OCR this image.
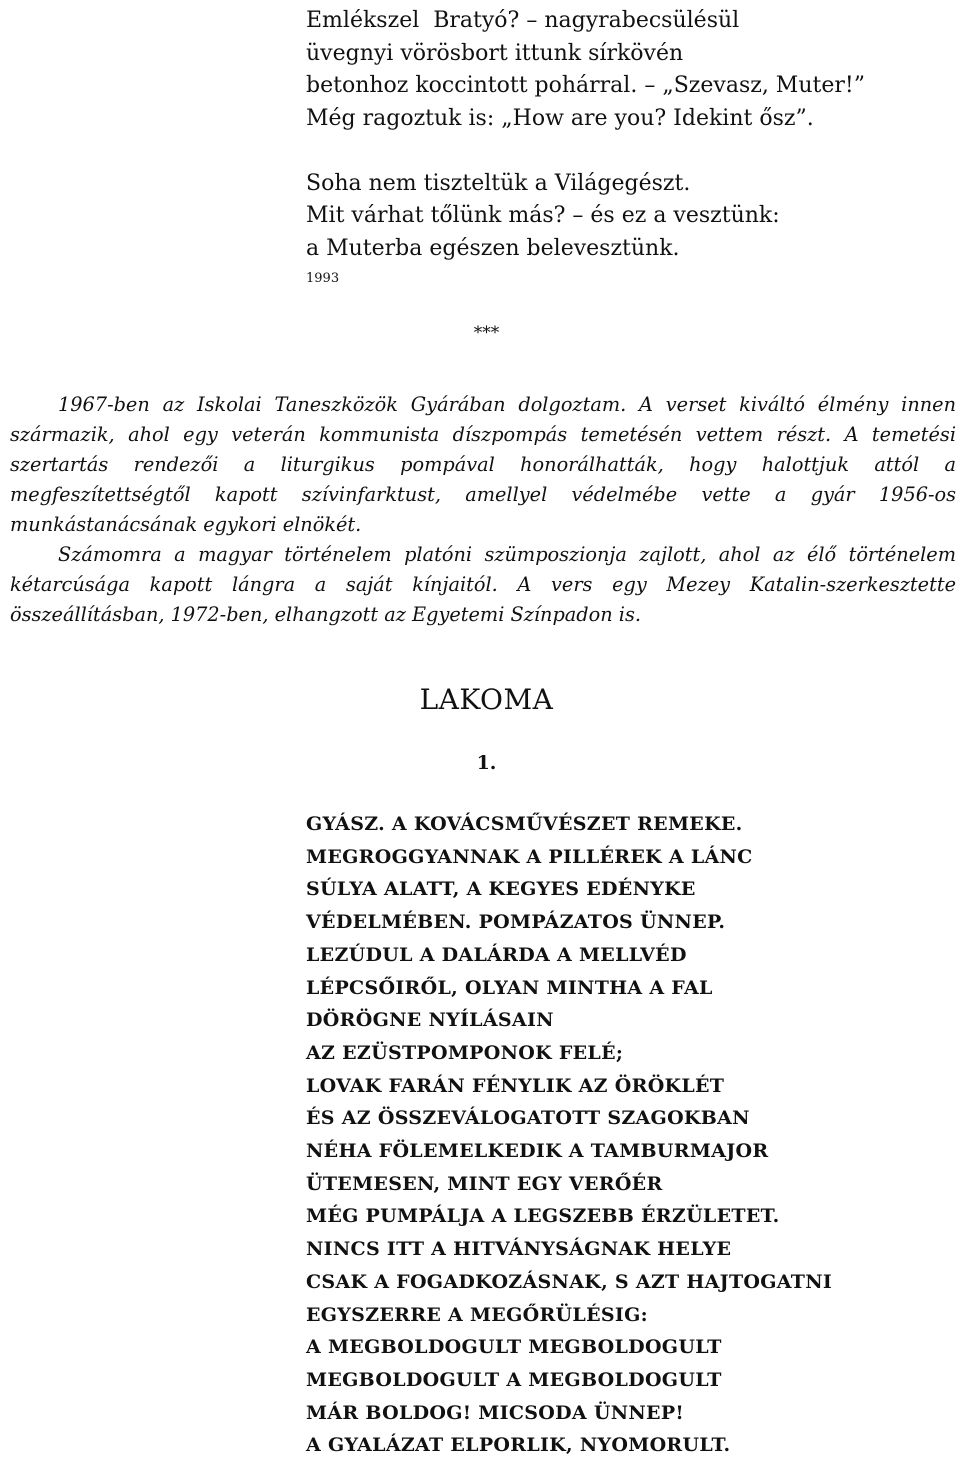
Emlékszel  Bratyó? – nagyrabecsülésül
üvegnyi vörösbort ittunk sírkövén
betonhoz koccintott pohárral. – „Szevasz, Muter!”
Még ragoztuk is: „How are you? Idekint ősz”.
Soha nem tiszteltük a Világegészt.
Mit várhat tőlünk más? – és ez a vesztünk:
a Muterba egészen belevesztünk.
1993
***

1967-ben az Iskolai Taneszközök Gyárában dolgoztam. A verset kiváltó élmény innen származik, ahol egy veterán kommunista díszpompás temetésén vettem részt. A temetési szertartás rendezői a liturgikus pompával honorálhatták, hogy halottjuk attól a megfeszítettségtől kapott szívinfarktust, amellyel védelmébe vette a gyár 1956-os munkástanácsának egykori elnökét.

Számomra a magyar történelem platóni szümposzionja zajlott, ahol az élő történelem kétarcúsága kapott lángra a saját kínjaitól. A vers egy Mezey Katalin-szerkesztette összeállításban, 1972-ben, elhangzott az Egyetemi Színpadon is.

LAKOMA
1.
GYÁSZ. A KOVÁCSMŰVÉSZET REMEKE.
MEGROGGYANNAK A PILLÉREK A LÁNC
SÚLYA ALATT, A KEGYES EDÉNYKE
VÉDELMÉBEN. POMPÁZATOS ÜNNEP.
LEZÚDUL A DALÁRDA A MELLVÉD
LÉPCSŐIRŐL, OLYAN MINTHA A FAL
DÖRÖGNE NYÍLÁSAIN
AZ EZÜSTPOMPONOK FELÉ;
LOVAK FARÁN FÉNYLIK AZ ÖRÖKLÉT
ÉS AZ ÖSSZEVÁLOGATOTT SZAGOKBAN
NÉHA FÖLEMELKEDIK A TAMBURMAJOR
ÜTEMESEN, MINT EGY VERŐÉR
MÉG PUMPÁLJA A LEGSZEBB ÉRZÜLETET.
NINCS ITT A HITVÁNYSÁGNAK HELYE
CSAK A FOGADKOZÁSNAK, S AZT HAJTOGATNI
EGYSZERRE A MEGŐRÜLÉSIG:
A MEGBOLDOGULT MEGBOLDOGULT
MEGBOLDOGULT A MEGBOLDOGULT
MÁR BOLDOG! MICSODA ÜNNEP!
A GYALÁZAT ELPORLIK, NYOMORULT.
